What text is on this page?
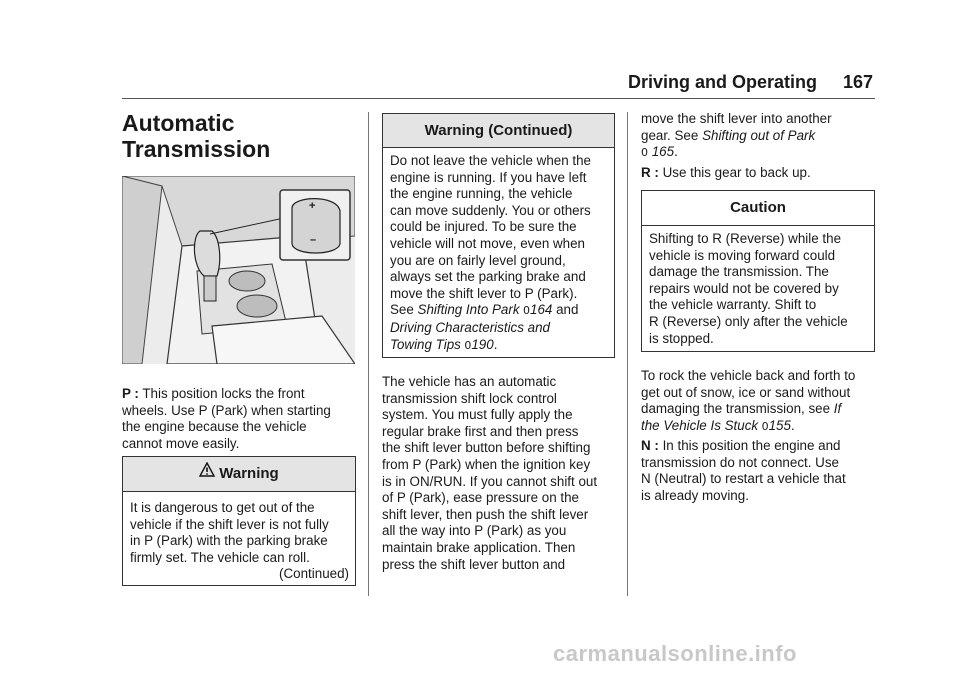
Driving and Operating 167
Automatic
Transmission
+
–
P : This position locks the front
wheels. Use P (Park) when starting
the engine because the vehicle
cannot move easily.
Warning
It is dangerous to get out of the
vehicle if the shift lever is not fully
in P (Park) with the parking brake
firmly set. The vehicle can roll.
(Continued)
Warning (Continued)
Do not leave the vehicle when the
engine is running. If you have left
the engine running, the vehicle
can move suddenly. You or others
could be injured. To be sure the
vehicle will not move, even when
you are on fairly level ground,
always set the parking brake and
move the shift lever to P (Park).
See Shifting Into Park 0164 and
Driving Characteristics and
Towing Tips 0190.
The vehicle has an automatic
transmission shift lock control
system. You must fully apply the
regular brake first and then press
the shift lever button before shifting
from P (Park) when the ignition key
is in ON/RUN. If you cannot shift out
of P (Park), ease pressure on the
shift lever, then push the shift lever
all the way into P (Park) as you
maintain brake application. Then
press the shift lever button and
move the shift lever into another
gear. See Shifting out of Park
0 165.
R : Use this gear to back up.
Caution
Shifting to R (Reverse) while the
vehicle is moving forward could
damage the transmission. The
repairs would not be covered by
the vehicle warranty. Shift to
R (Reverse) only after the vehicle
is stopped.
To rock the vehicle back and forth to
get out of snow, ice or sand without
damaging the transmission, see If
the Vehicle Is Stuck 0155.
N : In this position the engine and
transmission do not connect. Use
N (Neutral) to restart a vehicle that
is already moving.
carmanualsonline.info
